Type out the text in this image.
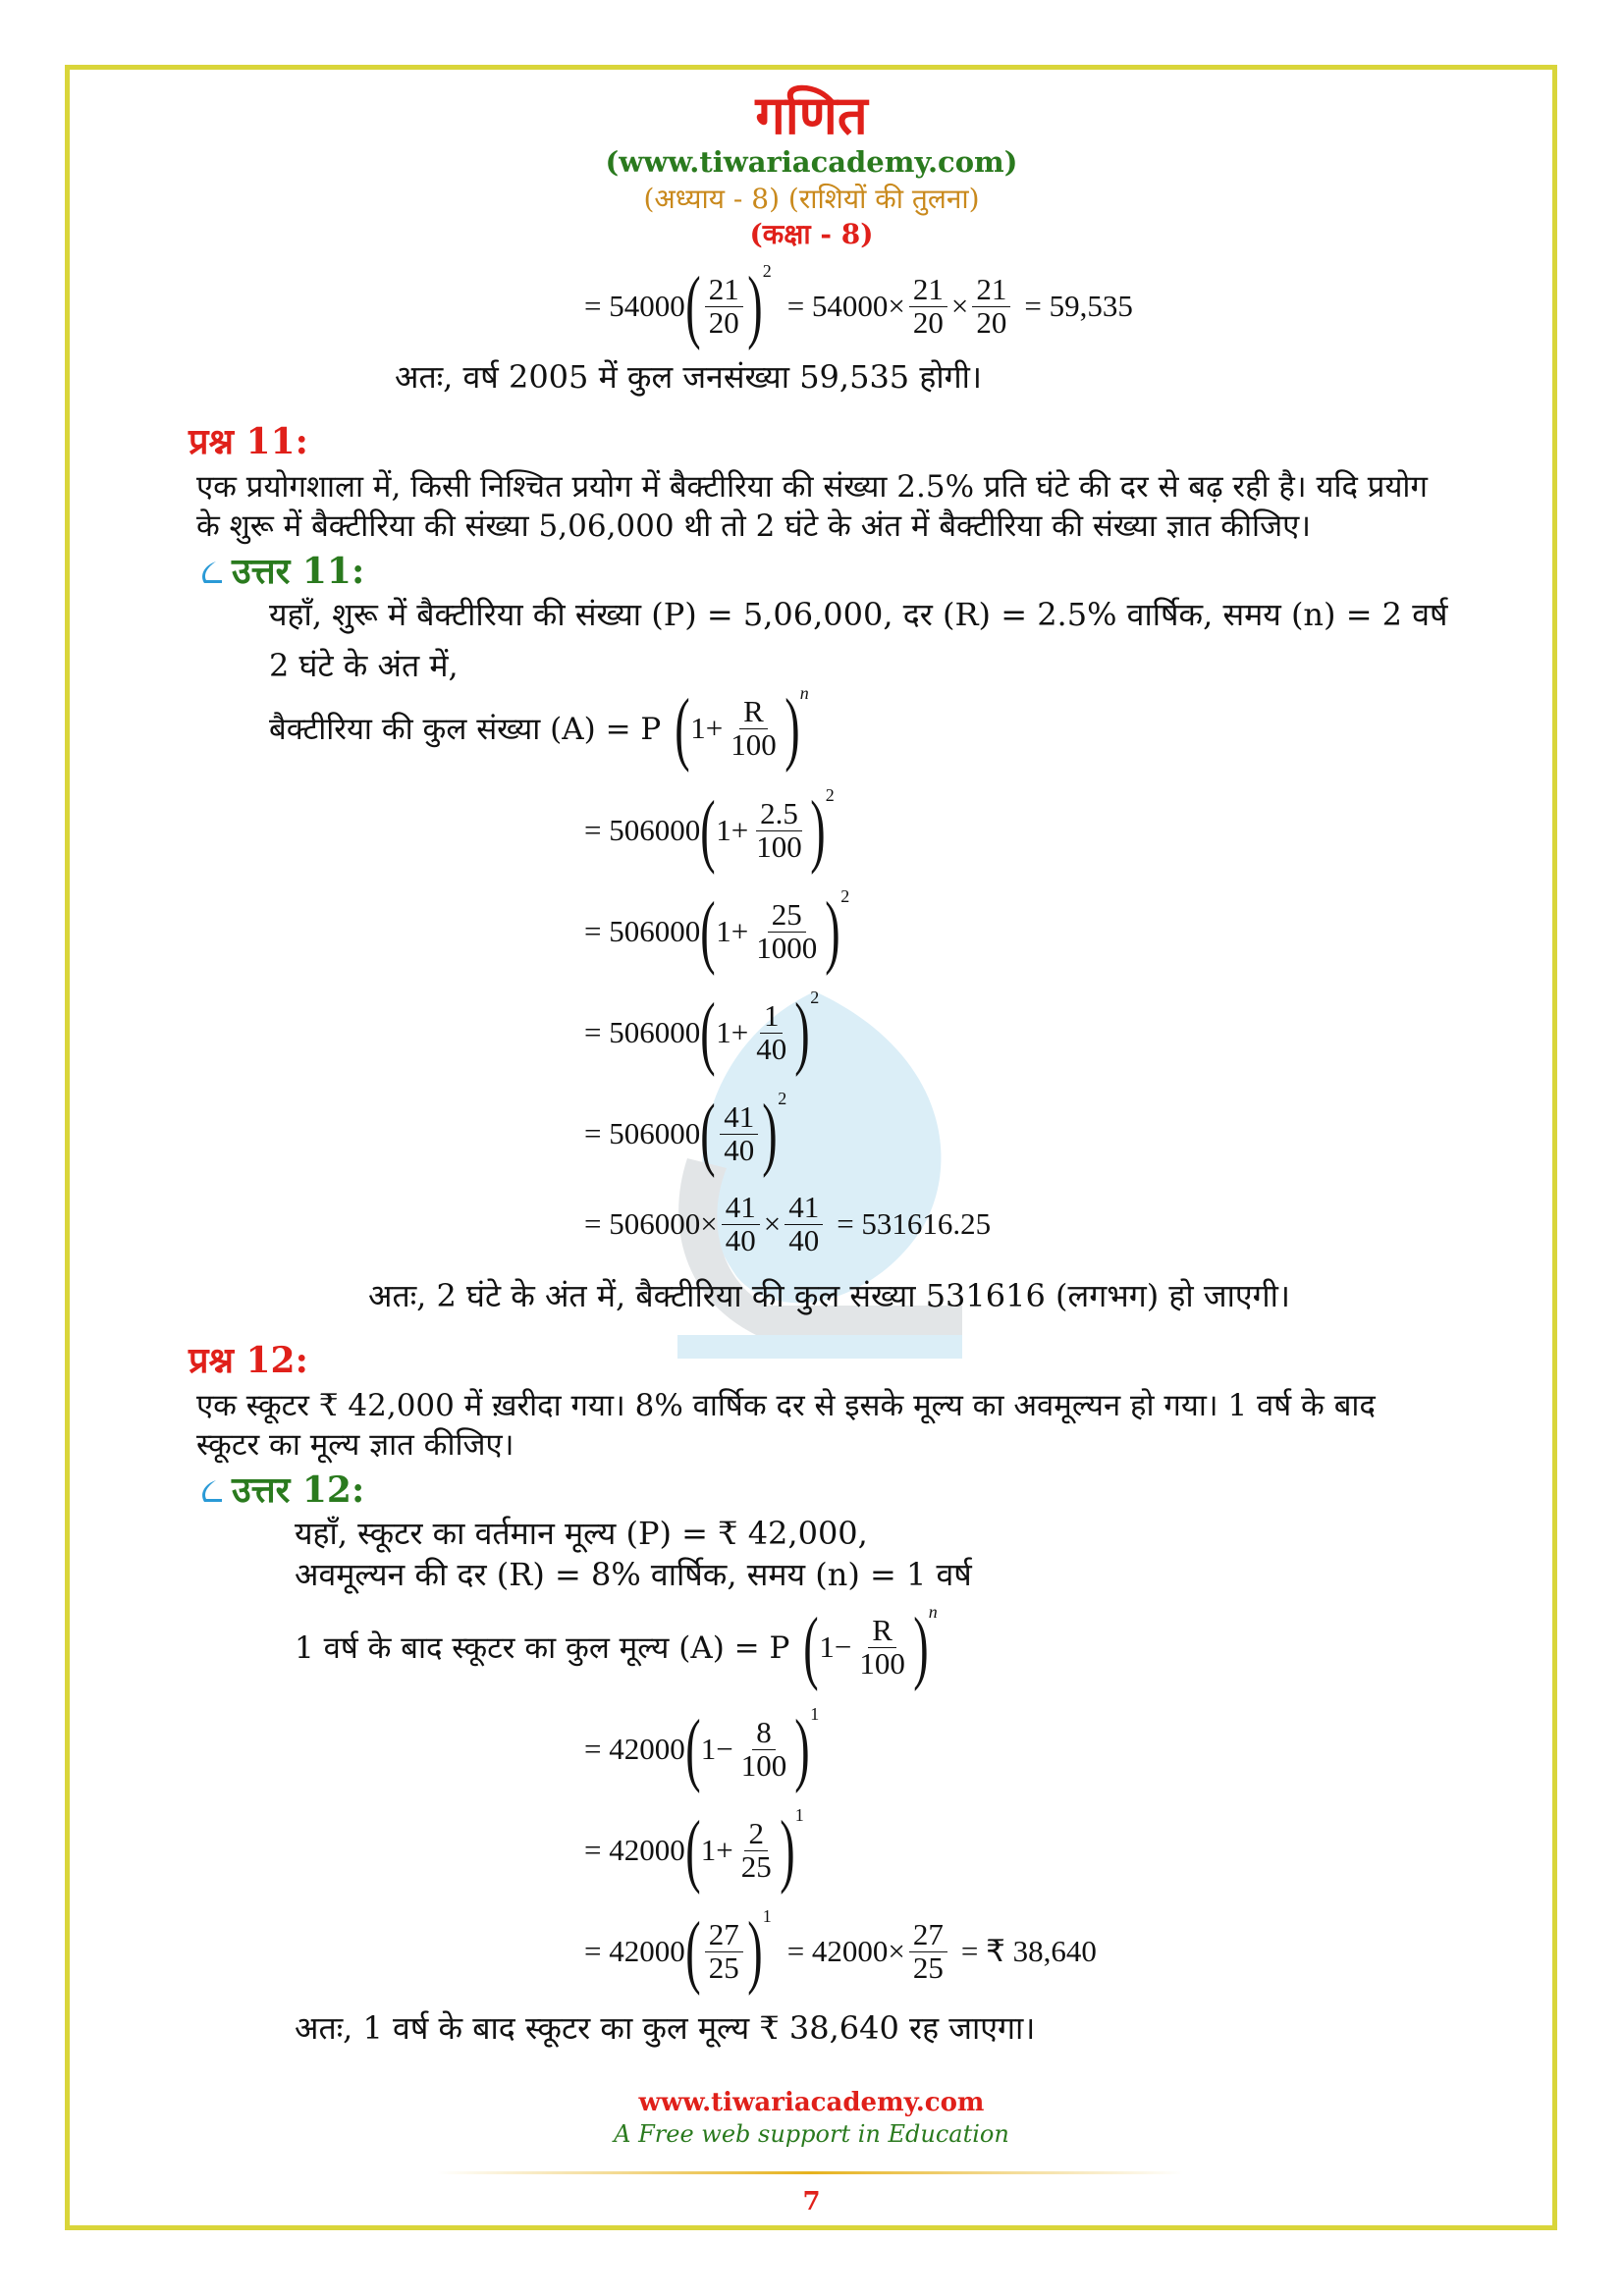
गणित
(www.tiwariacademy.com)
(अध्याय - 8) (राशियों की तुलना)
(कक्षा - 8)
= 54000 ( $\frac{21}{20} )^2$
= $54000\times \frac{21}{20} \times \frac{21}{20} = 59,535$
अतः, वर्ष 2005 में कुल जनसंख्या 59,535 होगी।
प्रश्न 11:
एक प्रयोगशाला में, किसी निश्चित प्रयोग में बैक्टीरिया की संख्या 2.5% प्रति घंटे की दर से बढ़ रही है। यदि प्रयोग
के शुरू में बैक्टीरिया की संख्या 5,06,000 थी तो 2 घंटे के अंत में बैक्टीरिया की संख्या ज्ञात कीजिए।
उत्तर 11:
यहाँ, शुरू में बैक्टीरिया की संख्या (P) = 5,06,000, दर (R) = 2.5% वार्षिक, समय (n) = 2 वर्ष
2 घंटे के अंत में,
बैक्टीरिया की कुल संख्या (A) = P ( $1+ \frac{R}{100} )^n$
= 506000 ( $1+ \frac{2.5}{100} )^2$
= 506000 ( $1+ \frac{25}{1000} )^2$
= 506000 ( $1+ \frac{1}{40} )^2$
= 506000 ( $\frac{41}{40} )^2$
= $506000\times \frac{41}{40} \times \frac{41}{40} = 531616.25$
अतः, 2 घंटे के अंत में, बैक्टीरिया की कुल संख्या 531616 (लगभग) हो जाएगी।
प्रश्न 12:
एक स्कूटर ₹ 42,000 में ख़रीदा गया। 8% वार्षिक दर से इसके मूल्य का अवमूल्यन हो गया। 1 वर्ष के बाद
स्कूटर का मूल्य ज्ञात कीजिए।
उत्तर 12:
यहाँ, स्कूटर का वर्तमान मूल्य (P) = ₹ 42,000,
अवमूल्यन की दर (R) = 8% वार्षिक, समय (n) = 1 वर्ष
1 वर्ष के बाद स्कूटर का कुल मूल्य (A) = P ( $1- \frac{R}{100} )^n$
= 42000 ( $1- \frac{8}{100} )^1$
= 42000 ( $1+ \frac{2}{25} )^1$
= 42000 ( $\frac{27}{25} )^1$
= $42000\times \frac{27}{25}$ = ₹ 38,640
अतः, 1 वर्ष के बाद स्कूटर का कुल मूल्य ₹ 38,640 रह जाएगा।
www.tiwariacademy.com
A Free web support in Education
7
